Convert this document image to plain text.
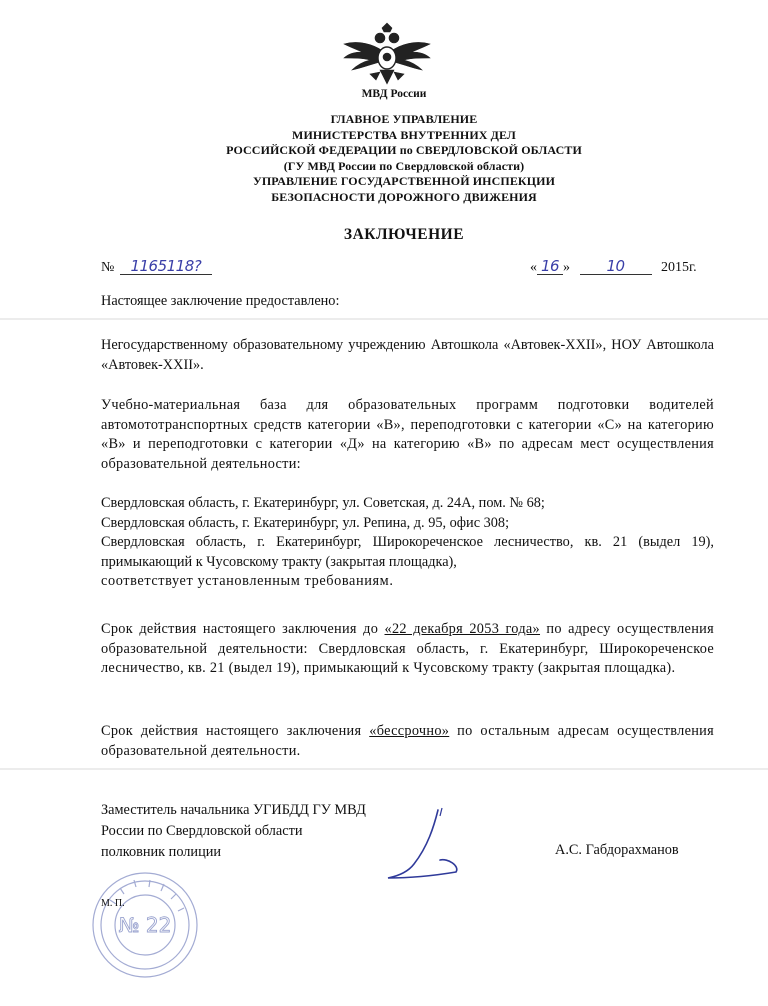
МВД России
ГЛАВНОЕ УПРАВЛЕНИЕ
МИНИСТЕРСТВА ВНУТРЕННИХ ДЕЛ
РОССИЙСКОЙ ФЕДЕРАЦИИ по СВЕРДЛОВСКОЙ ОБЛАСТИ
(ГУ МВД России по Свердловской области)
УПРАВЛЕНИЕ ГОСУДАРСТВЕННОЙ ИНСПЕКЦИИ
БЕЗОПАСНОСТИ ДОРОЖНОГО ДВИЖЕНИЯ
ЗАКЛЮЧЕНИЕ
№ 1165118?	« 16 » 10	2015г.
Настоящее заключение предоставлено:
Негосударственному образовательному учреждению Автошкола «Автовек-XXII», НОУ Автошкола «Автовек-XXII».
Учебно-материальная база для образовательных программ подготовки водителей автомототранспортных средств категории «В», переподготовки с категории «С» на категорию «В» и переподготовки с категории «Д» на категорию «В» по адресам мест осуществления образовательной деятельности:
Свердловская область, г. Екатеринбург, ул. Советская, д. 24А, пом. № 68;
Свердловская область, г. Екатеринбург, ул. Репина, д. 95, офис 308;
Свердловская область, г. Екатеринбург, Широкореченское лесничество, кв. 21 (выдел 19), примыкающий к Чусовскому тракту (закрытая площадка),
соответствует установленным требованиям.
Срок действия настоящего заключения до «22 декабря 2053 года» по адресу осуществления образовательной деятельности: Свердловская область, г. Екатеринбург, Широкореченское лесничество, кв. 21 (выдел 19), примыкающий к Чусовскому тракту (закрытая площадка).
Срок действия настоящего заключения «бессрочно» по остальным адресам осуществления образовательной деятельности.
Заместитель начальника УГИБДД ГУ МВД
России по Свердловской области
полковник полиции	А.С. Габдорахманов
№ 22
М. П.
